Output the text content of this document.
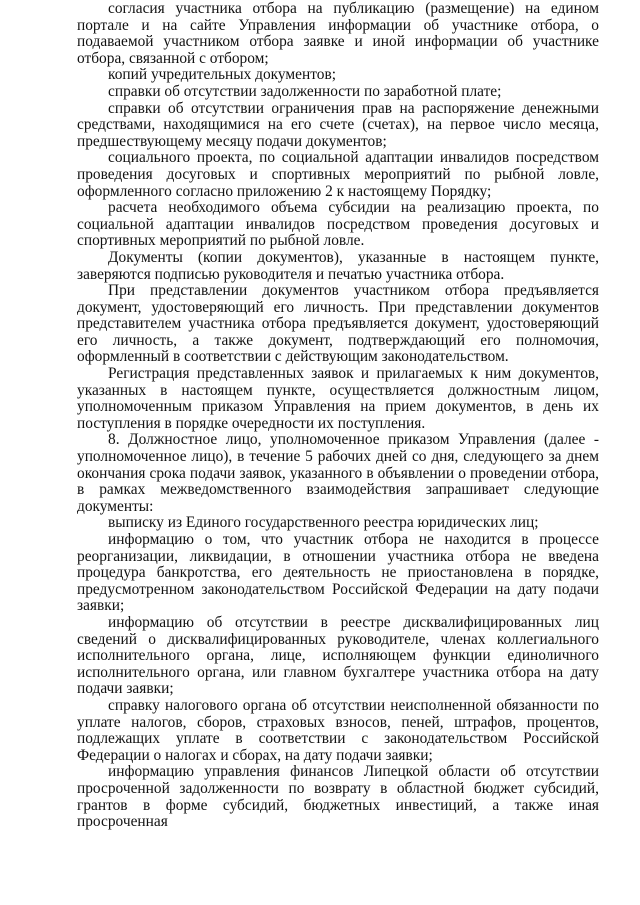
согласия участника отбора на публикацию (размещение) на едином портале и на сайте Управления информации об участнике отбора, о подаваемой участником отбора заявке и иной информации об участнике отбора, связанной с отбором;

копий учредительных документов;

справки об отсутствии задолженности по заработной плате;

справки об отсутствии ограничения прав на распоряжение денежными средствами, находящимися на его счете (счетах), на первое число месяца, предшествующему месяцу подачи документов;

социального проекта, по социальной адаптации инвалидов посредством проведения досуговых и спортивных мероприятий по рыбной ловле, оформленного согласно приложению 2 к настоящему Порядку;

расчета необходимого объема субсидии на реализацию проекта, по социальной адаптации инвалидов посредством проведения досуговых и спортивных мероприятий по рыбной ловле.

Документы (копии документов), указанные в настоящем пункте, заверяются подписью руководителя и печатью участника отбора.

При представлении документов участником отбора предъявляется документ, удостоверяющий его личность. При представлении документов представителем участника отбора предъявляется документ, удостоверяющий его личность, а также документ, подтверждающий его полномочия, оформленный в соответствии с действующим законодательством.

Регистрация представленных заявок и прилагаемых к ним документов, указанных в настоящем пункте, осуществляется должностным лицом, уполномоченным приказом Управления на прием документов, в день их поступления в порядке очередности их поступления.

8. Должностное лицо, уполномоченное приказом Управления (далее - уполномоченное лицо), в течение 5 рабочих дней со дня, следующего за днем окончания срока подачи заявок, указанного в объявлении о проведении отбора, в рамках межведомственного взаимодействия запрашивает следующие документы:

выписку из Единого государственного реестра юридических лиц;

информацию о том, что участник отбора не находится в процессе реорганизации, ликвидации, в отношении участника отбора не введена процедура банкротства, его деятельность не приостановлена в порядке, предусмотренном законодательством Российской Федерации на дату подачи заявки;

информацию об отсутствии в реестре дисквалифицированных лиц сведений о дисквалифицированных руководителе, членах коллегиального исполнительного органа, лице, исполняющем функции единоличного исполнительного органа, или главном бухгалтере участника отбора на дату подачи заявки;

справку налогового органа об отсутствии неисполненной обязанности по уплате налогов, сборов, страховых взносов, пеней, штрафов, процентов, подлежащих уплате в соответствии с законодательством Российской Федерации о налогах и сборах, на дату подачи заявки;

информацию управления финансов Липецкой области об отсутствии просроченной задолженности по возврату в областной бюджет субсидий, грантов в форме субсидий, бюджетных инвестиций, а также иная просроченная
